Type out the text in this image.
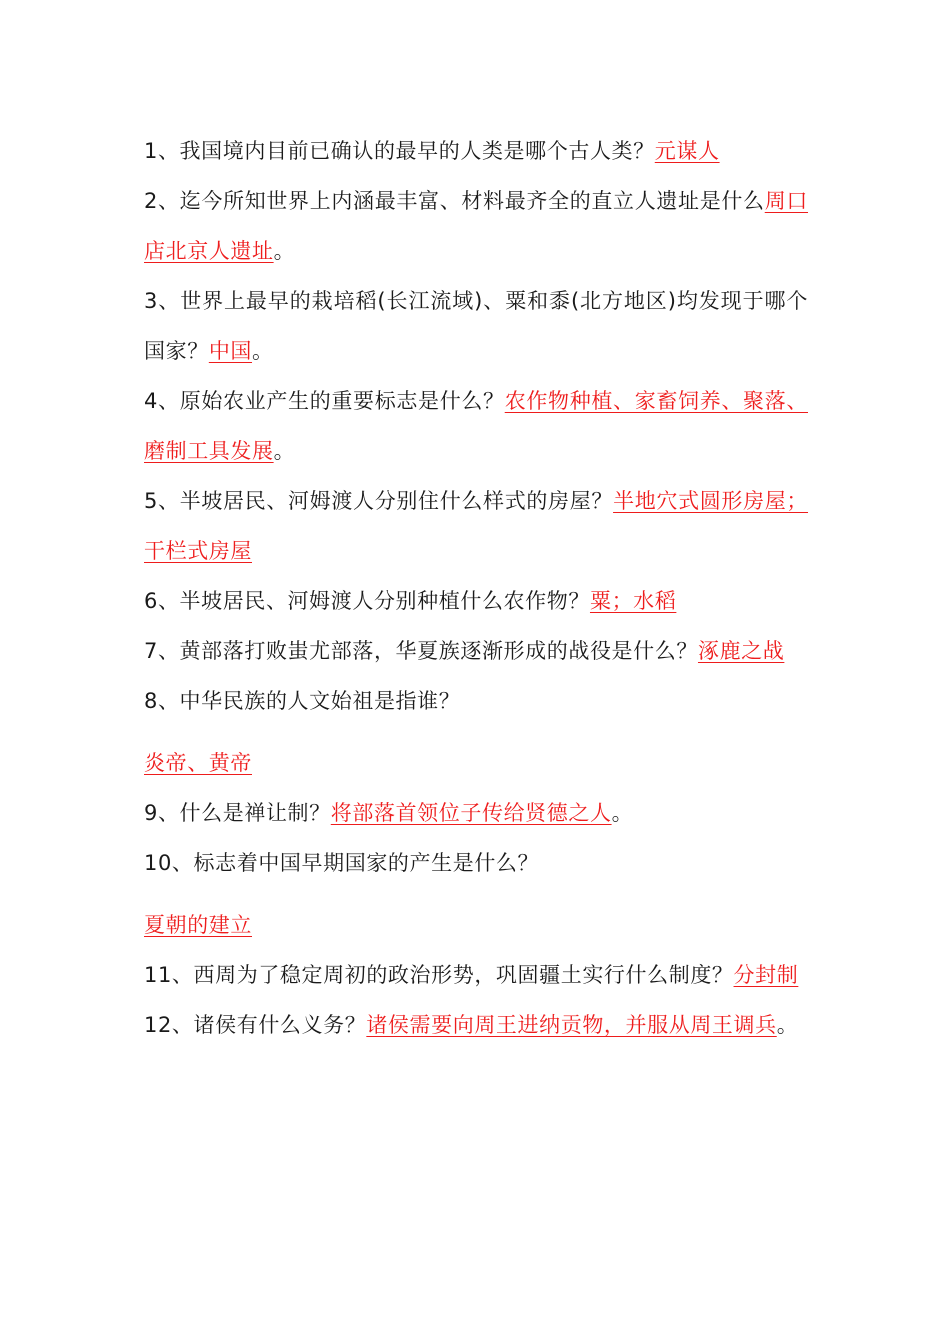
1、我国境内目前已确认的最早的人类是哪个古人类？元谋人

2、迄今所知世界上内涵最丰富、材料最齐全的直立人遗址是什么周口店北京人遗址。

3、世界上最早的栽培稻(长江流域)、粟和黍(北方地区)均发现于哪个国家？中国。

4、原始农业产生的重要标志是什么？农作物种植、家畜饲养、聚落、磨制工具发展。

5、半坡居民、河姆渡人分别住什么样式的房屋？半地穴式圆形房屋；干栏式房屋

6、半坡居民、河姆渡人分别种植什么农作物？粟；水稻

7、黄部落打败蚩尤部落，华夏族逐渐形成的战役是什么？涿鹿之战

8、中华民族的人文始祖是指谁？

炎帝、黄帝

9、什么是禅让制？将部落首领位子传给贤德之人。

10、标志着中国早期国家的产生是什么？

夏朝的建立

11、西周为了稳定周初的政治形势，巩固疆土实行什么制度？分封制

12、诸侯有什么义务？诸侯需要向周王进纳贡物，并服从周王调兵。
